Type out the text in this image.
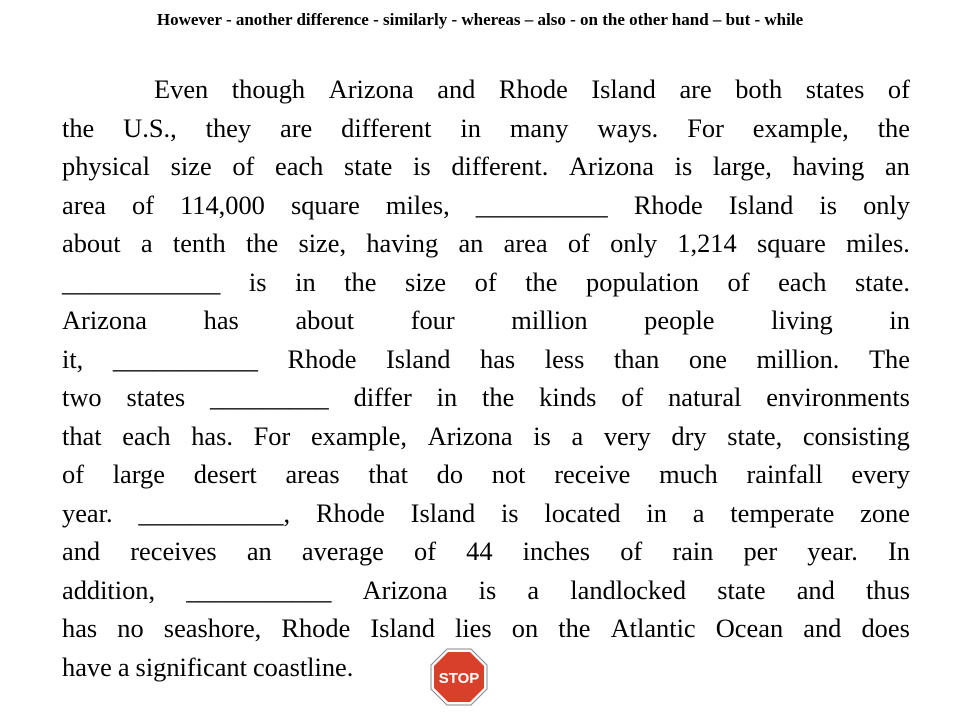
However - another difference - similarly - whereas – also - on the other hand – but - while
Even though Arizona and Rhode Island are both states of
the U.S., they are different in many ways. For example, the
physical size of each state is different. Arizona is large, having an
area of 114,000 square miles, __________ Rhode Island is only
about a tenth the size, having an area of only 1,214 square miles.
____________ is in the size of the population of each state.
Arizona has about four million people living in
it, ___________ Rhode Island has less than one million. The
two states _________ differ in the kinds of natural environments
that each has. For example, Arizona is a very dry state, consisting
of large desert areas that do not receive much rainfall every
year. ___________, Rhode Island is located in a temperate zone
and receives an average of 44 inches of rain per year. In
addition, ___________ Arizona is a landlocked state and thus
has no seashore, Rhode Island lies on the Atlantic Ocean and does
have a significant coastline.	STOP
